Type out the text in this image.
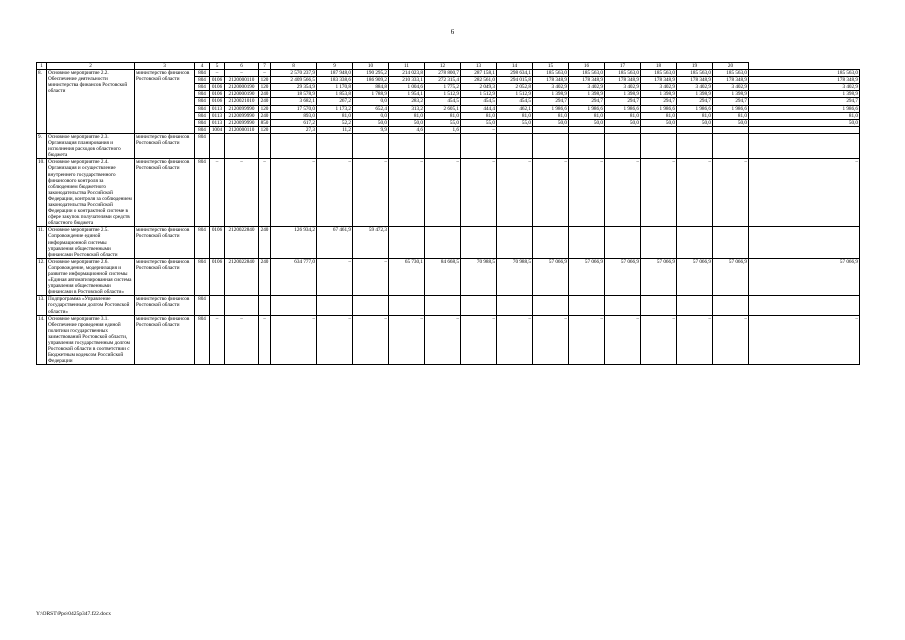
6
1	2	3	4	5	6	7	8	9	10	11	12	13	14	15	16	17	18	19	20	
8.	Основное мероприятие 2.2. Обеспечение деятельности министерства финансов Ростовской области	министерство финансов Ростовской области	804	–	–	–	2 570 237,9	187 948,0	190 295,2	214 023,8	278 800,7	287 158,1	298 634,1	185 563,0	185 563,0	185 563,0	185 563,0	185 563,0	185 563,0	185 563,0
			804	0106	2120000110	120	2 409 566,5	183 338,6	186 909,2	210 333,1	272 315,4	282 561,0	294 015,8	178 348,9	178 348,9	178 348,9	178 348,9	178 348,9	178 348,9	178 348,9
			804	0106	2120000190	120	29 354,9	1 170,8	884,8	1 004,6	1 775,2	2 049,3	2 052,8	3 402,9	3 402,9	3 402,9	3 402,9	3 402,9	3 402,9	3 402,9
			804	0106	2120000190	240	18 578,9	1 853,8	1 788,9	1 954,1	1 512,9	1 512,9	1 512,9	1 398,9	1 398,9	1 398,9	1 398,9	1 398,9	1 398,9	1 398,9
			804	0106	2120021010	240	3 682,1	267,2	0,0	283,2	454,5	454,5	454,5	294,7	294,7	294,7	294,7	294,7	294,7	294,7
			804	0113	2120099990	120	17 570,0	1 173,2	652,4	313,2	2 605,1	444,4	462,1	1 986,6	1 986,6	1 986,6	1 986,6	1 986,6	1 986,6	1 986,6
			804	0113	2120099990	240	893,0	81,0	0,0	81,0	81,0	81,0	81,0	81,0	81,0	81,0	81,0	81,0	81,0	81,0
			804	0113	2120099990	850	617,2	52,2	50,0	50,0	55,0	55,0	55,0	50,0	50,0	50,0	50,0	50,0	50,0	50,0
			804	1004	2120000110	120	27,3	11,2	9,9	4,6	1,6	–								
9.	Основное мероприятие 2.3. Организация планирования и исполнения расходов областного бюджета	министерство финансов Ростовской области	804																	
10.	Основное мероприятие 2.4. Организация и осуществление внутреннего государственного финансового контроля за соблюдением бюджетного законодательства Российской Федерации, контроля за соблюдением законодательства Российской Федерации о контрактной системе в сфере закупок получателями средств областного бюджета	министерство финансов Ростовской области	804	–	–	–	–	–	–	–	–	–	–	–	–	–	–	–	–	–
11.	Основное мероприятие 2.5. Сопровождение единой информационной системы управления общественными финансами Ростовской области	министерство финансов Ростовской области	804	0106	2120022840	240	126 934,2	67 461,9	59 472,3											
12.	Основное мероприятие 2.6. Сопровождение, модернизация и развитие информационной системы «Единая автоматизированная система управления общественными финансами в Ростовской области»	министерство финансов Ростовской области	804	0106	2120022840	240	634 777,0	–	–	65 730,1	84 668,5	70 988,5	70 988,5	57 066,9	57 066,9	57 066,9	57 066,9	57 066,9	57 066,9	57 066,9
13.	Подпрограмма «Управление государственным долгом Ростовской области»	министерство финансов Ростовской области	804																	
14.	Основное мероприятие 3.1. Обеспечение проведения единой политики государственных заимствований Ростовской области, управления государственным долгом Ростовской области в соответствии с Бюджетным кодексом Российской Федерации	министерство финансов Ростовской области	804	–	–	–	–	–	–	–	–	–	–	–	–	–	–	–	–	–
Y:\ORST\Ppo\0425p347.f22.docx
